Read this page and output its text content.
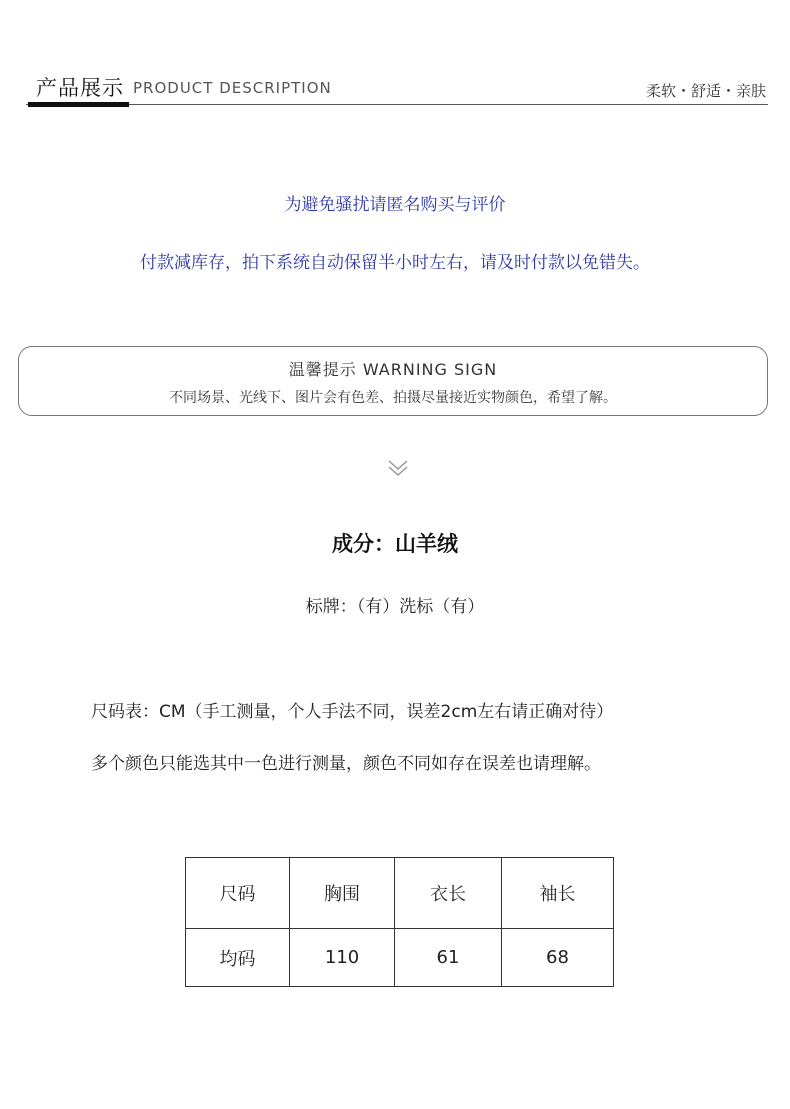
产品展示 PRODUCT DESCRIPTION	柔软・舒适・亲肤
为避免骚扰请匿名购买与评价
付款减库存，拍下系统自动保留半小时左右，请及时付款以免错失。
温馨提示 WARNING SIGN
不同场景、光线下、图片会有色差、拍摄尽量接近实物颜色，希望了解。
成分：山羊绒
标牌：（有）洗标（有）
尺码表：CM（手工测量，个人手法不同，误差2cm左右请正确对待）
多个颜色只能选其中一色进行测量，颜色不同如存在误差也请理解。
尺码	胸围	衣长	袖长
均码	110	61	68
